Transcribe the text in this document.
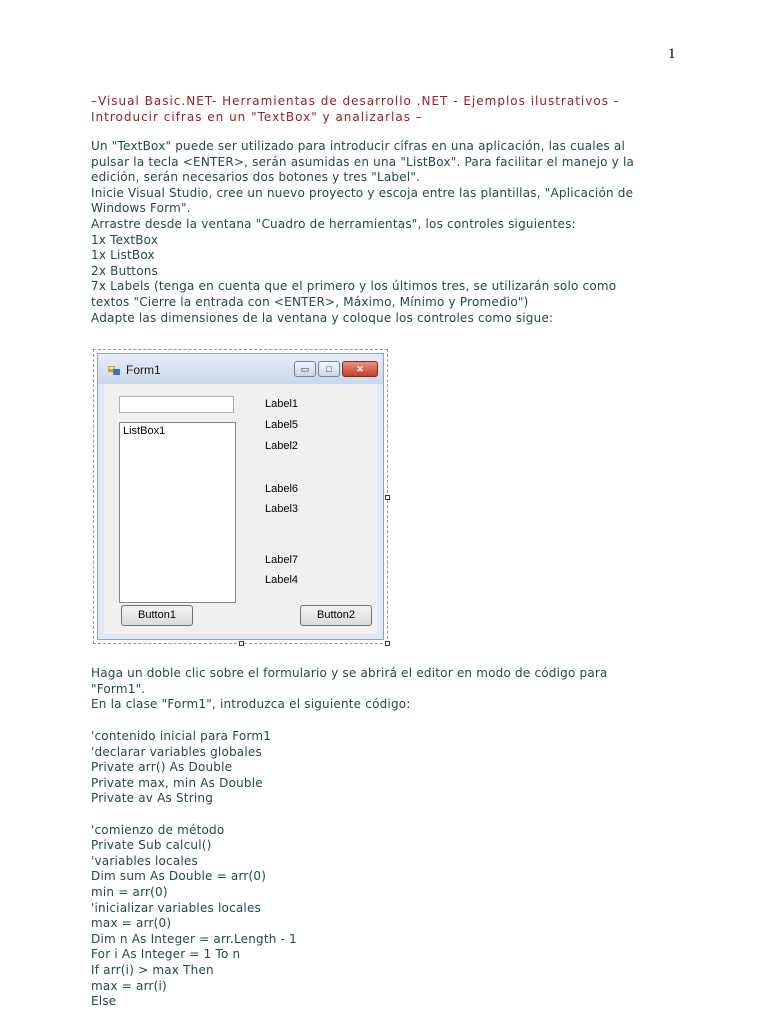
1
–Visual Basic.NET- Herramientas de desarrollo .NET - Ejemplos ilustrativos -
Introducir cifras en un "TextBox" y analizarlas –

Un "TextBox" puede ser utilizado para introducir cifras en una aplicación, las cuales al

pulsar la tecla <ENTER>, serán asumidas en una "ListBox". Para facilitar el manejo y la

edición, serán necesarios dos botones y tres "Label".

Inicie Visual Studio, cree un nuevo proyecto y escoja entre las plantillas, "Aplicación de

Windows Form".

Arrastre desde la ventana "Cuadro de herramientas", los controles siguientes:

1x TextBox

1x ListBox

2x Buttons

7x Labels (tenga en cuenta que el primero y los últimos tres, se utilizarán solo como

textos "Cierre la entrada con <ENTER>, Máximo, Mínimo y Promedio")

Adapte las dimensiones de la ventana y coloque los controles como sigue:

Form1	▭	□	✕
ListBox1
Label1
Label5
Label2
Label6
Label3
Label7
Label4
Button1	Button2

Haga un doble clic sobre el formulario y se abrirá el editor en modo de código para

"Form1".

En la clase "Form1", introduzca el siguiente código:

'contenido inicial para Form1

'declarar variables globales

Private arr() As Double

Private max, min As Double

Private av As String

'comienzo de método

Private Sub calcul()

'variables locales

Dim sum As Double = arr(0)

min = arr(0)

'inicializar variables locales

max = arr(0)

Dim n As Integer = arr.Length - 1

For i As Integer = 1 To n

If arr(i) > max Then

max = arr(i)

Else
